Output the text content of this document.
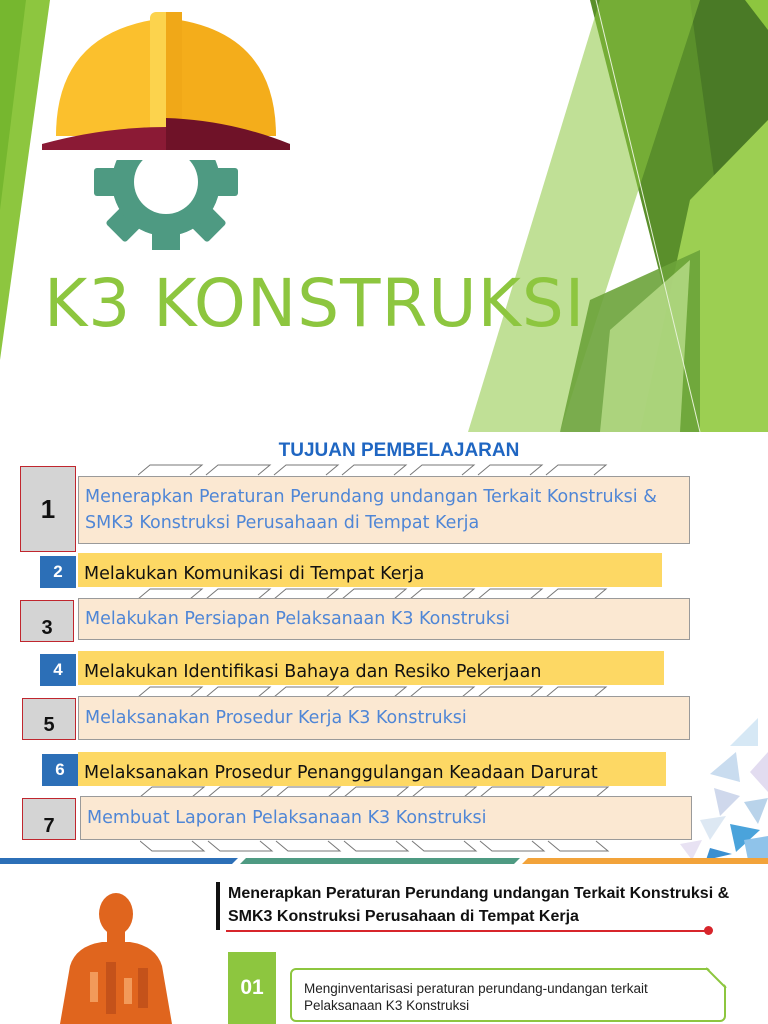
K3 KONSTRUKSI
TUJUAN PEMBELAJARAN
1	Menerapkan Peraturan Perundang undangan Terkait Konstruksi & SMK3 Konstruksi Perusahaan di Tempat Kerja
2	Melakukan Komunikasi di Tempat Kerja
3	Melakukan Persiapan Pelaksanaan K3 Konstruksi
4	Melakukan Identifikasi Bahaya dan Resiko Pekerjaan
5	Melaksanakan Prosedur Kerja K3 Konstruksi
6	Melaksanakan Prosedur Penanggulangan Keadaan Darurat
7	Membuat Laporan Pelaksanaan K3 Konstruksi
Menerapkan Peraturan Perundang undangan Terkait Konstruksi & SMK3 Konstruksi Perusahaan di Tempat Kerja
01	Menginventarisasi peraturan perundang-undangan terkait Pelaksanaan K3 Konstruksi
